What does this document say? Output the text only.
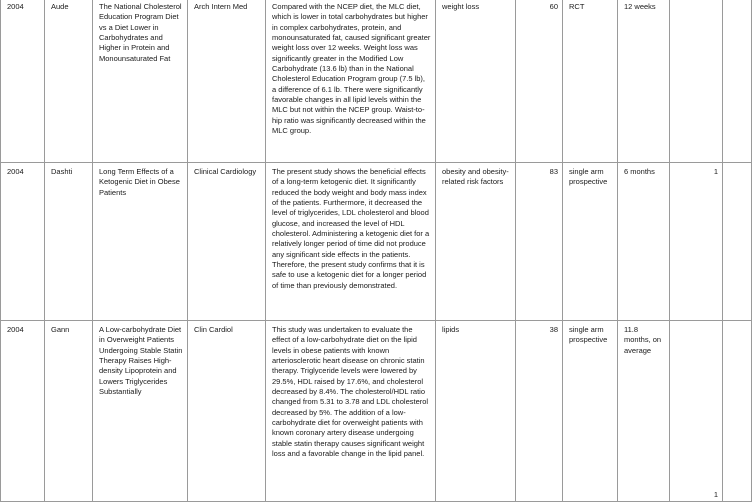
2004	Aude	The National Cholesterol Education Program Diet vs a Diet Lower in Carbohydrates and Higher in Protein and Monounsaturated Fat	Arch Intern Med	Compared with the NCEP diet, the MLC diet, which is lower in total carbohydrates but higher in complex carbohydrates, protein, and monounsaturated fat, caused significant greater weight loss over 12 weeks. Weight loss was significantly greater in the Modified Low Carbohydrate (13.6 lb) than in the National Cholesterol Education Program group (7.5 lb), a difference of 6.1 lb. There were significantly favorable changes in all lipid levels within the MLC but not within the NCEP group. Waist-to-hip ratio was significantly decreased within the MLC group.	weight loss	60	RCT	12 weeks		
2004	Dashti	Long Term Effects of a Ketogenic Diet in Obese Patients	Clinical Cardiology	The present study shows the beneficial effects of a long-term ketogenic diet. It significantly reduced the body weight and body mass index of the patients. Furthermore, it decreased the level of triglycerides, LDL cholesterol and blood glucose, and increased the level of HDL cholesterol. Administering a ketogenic diet for a relatively longer period of time did not produce any significant side effects in the patients. Therefore, the present study confirms that it is safe to use a ketogenic diet for a longer period of time than previously demonstrated.	obesity and obesity-related risk factors	83	single arm prospective	6 months	1	
2004	Gann	A Low-carbohydrate Diet in Overweight Patients Undergoing Stable Statin Therapy Raises High-density Lipoprotein and Lowers Triglycerides Substantially	Clin Cardiol	This study was undertaken to evaluate the effect of a low-carbohydrate diet on the lipid levels in obese patients with known arteriosclerotic heart disease on chronic statin therapy. Triglyceride levels were lowered by 29.5%, HDL raised by 17.6%, and cholesterol decreased by 8.4%. The cholesterol/HDL ratio changed from 5.31 to 3.78 and LDL cholesterol decreased by 5%. The addition of a low-carbohydrate diet for overweight patients with known coronary artery disease undergoing stable statin therapy causes significant weight loss and a favorable change in the lipid panel.	lipids	38	single arm prospective	11.8 months, on average	1	
